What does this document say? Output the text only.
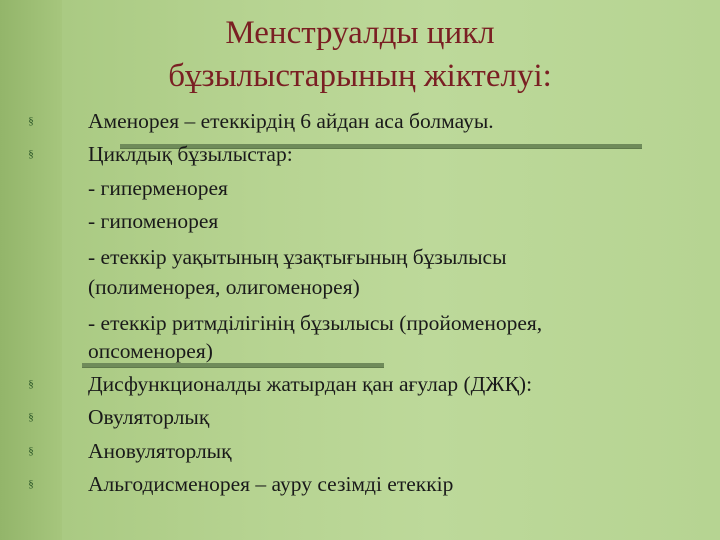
Менструалды цикл
бұзылыстарының жіктелуі:
§	Аменорея – етеккірдің 6 айдан аса болмауы.
§	Циклдық бұзылыстар:
- гиперменорея
- гипоменорея
- етеккір уақытының ұзақтығының бұзылысы
(полименорея, олигоменорея)
- етеккір ритмділігінің бұзылысы (пройоменорея,
опсоменорея)
§	Дисфункционалды жатырдан қан ағулар (ДЖҚ):
§	Овуляторлық
§	Ановуляторлық
§	Альгодисменорея – ауру сезімді етеккір
